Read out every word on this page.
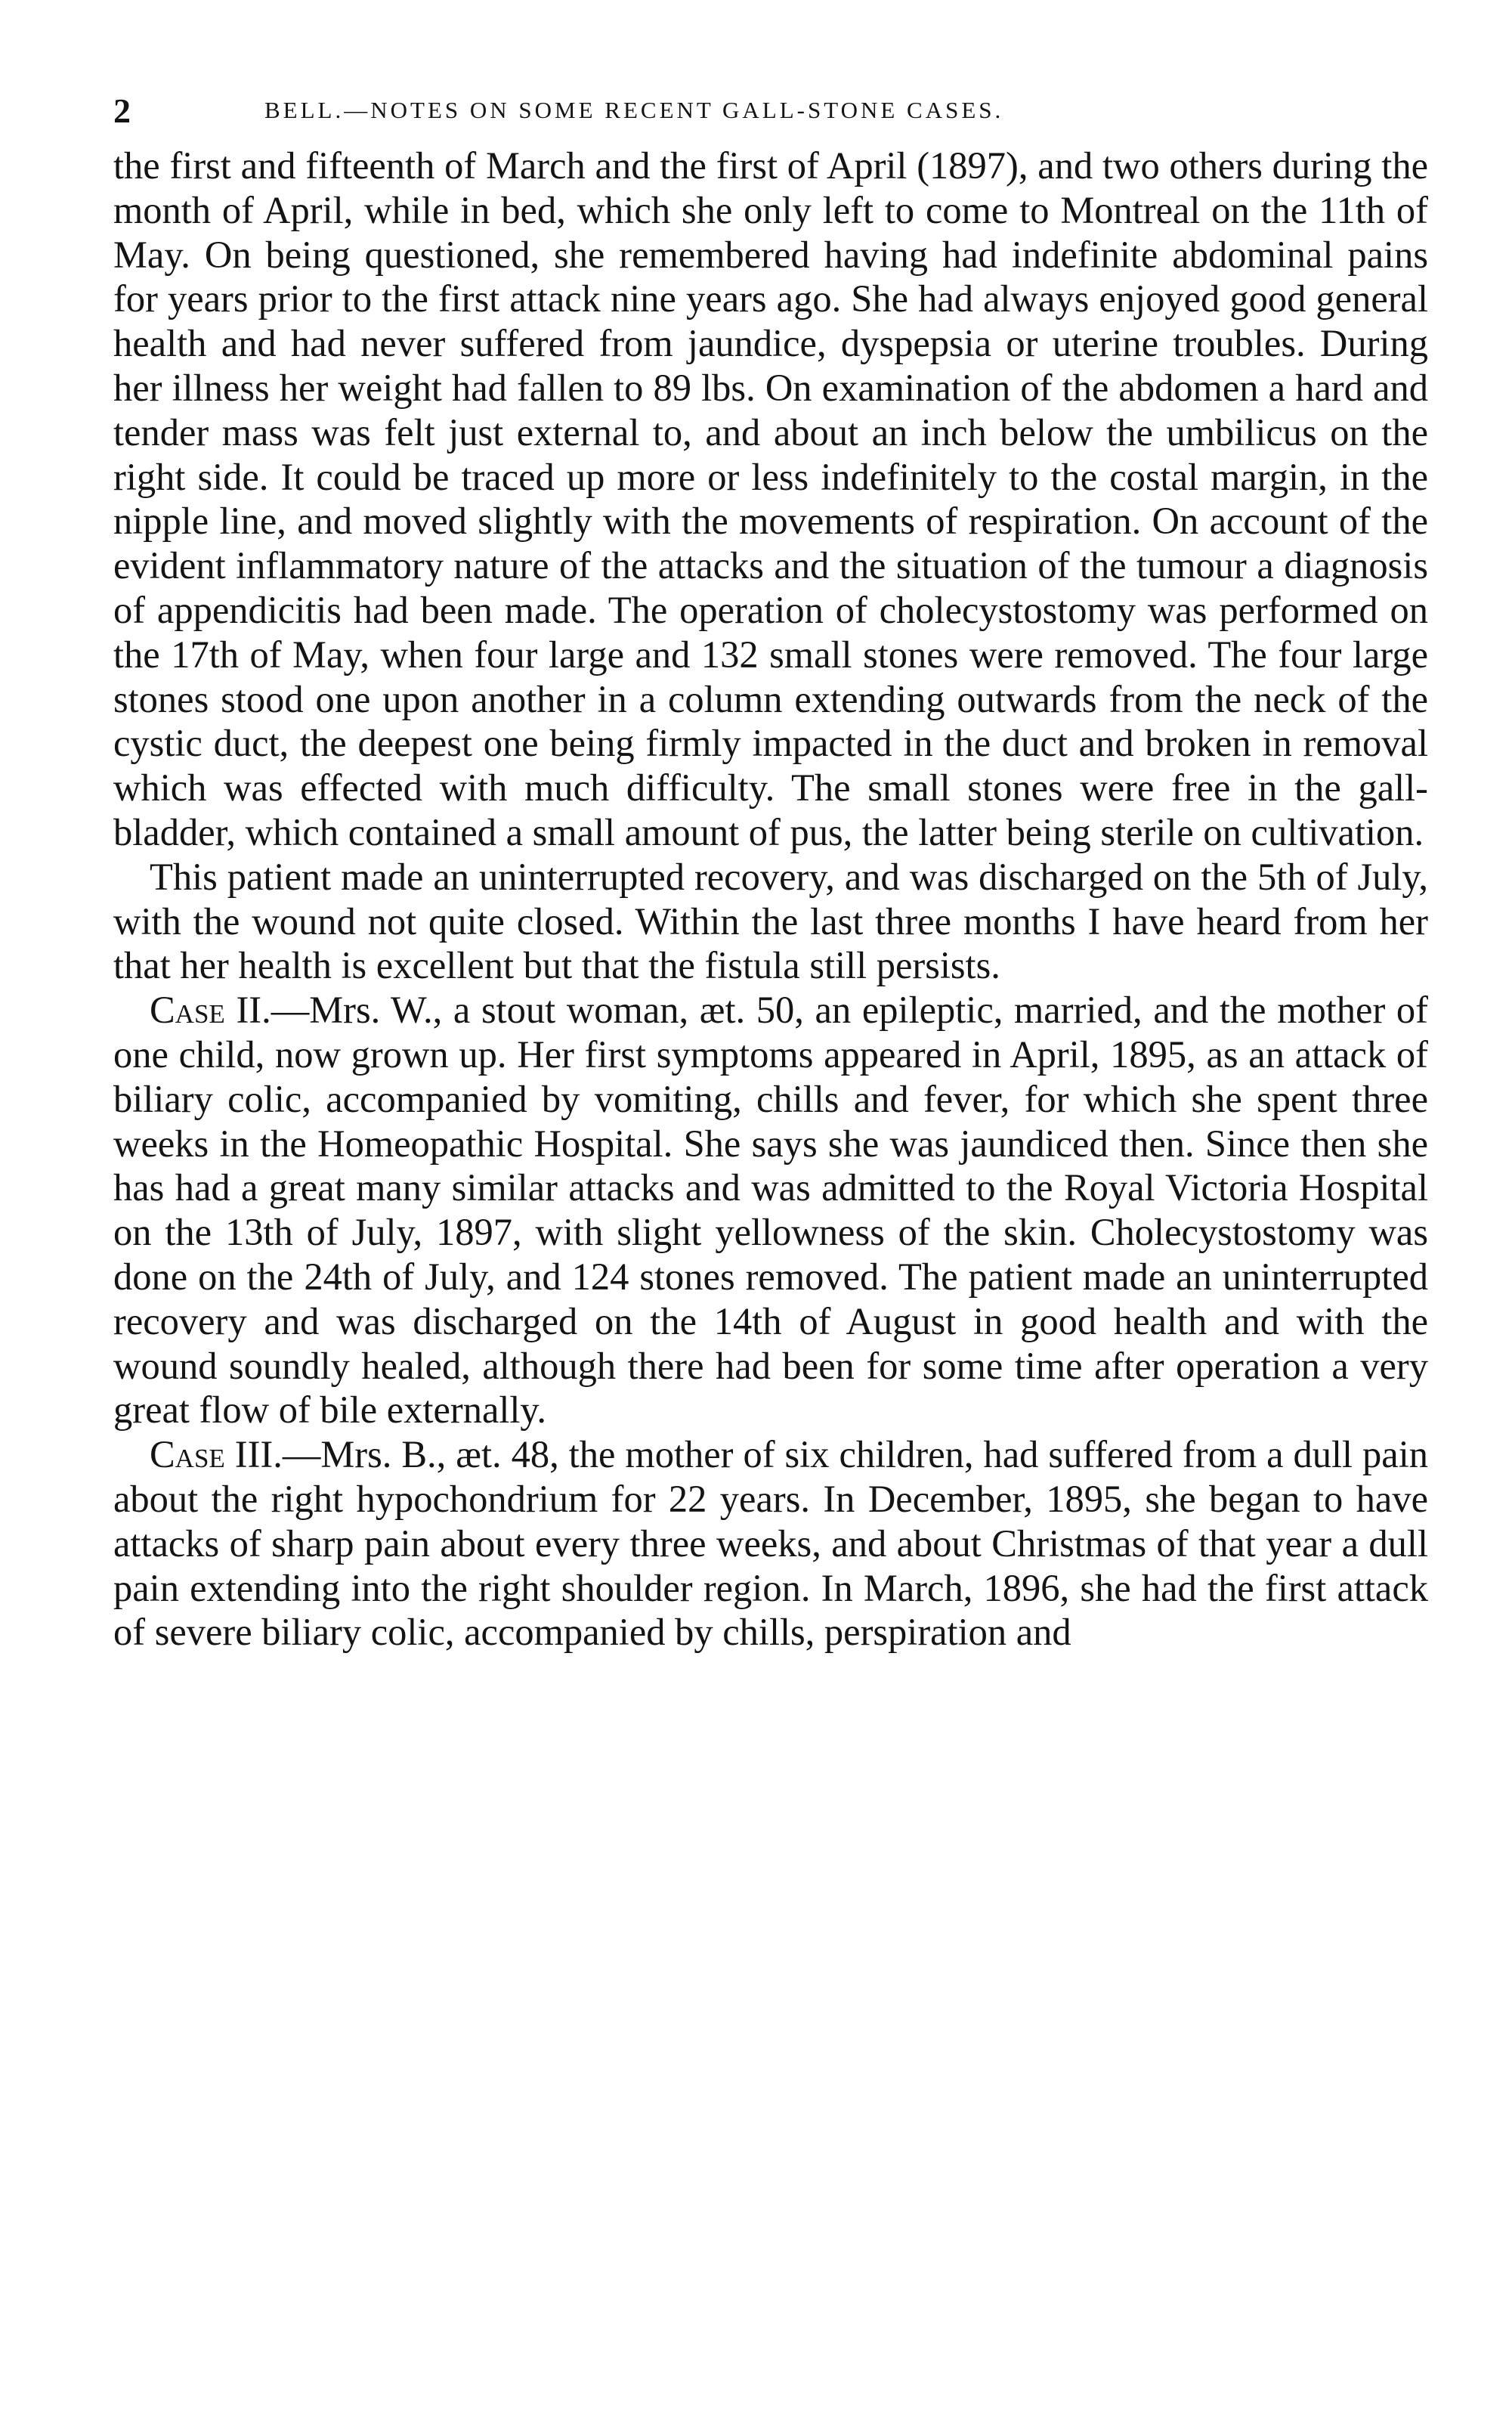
2	BELL.—NOTES ON SOME RECENT GALL-STONE CASES.

the first and fifteenth of March and the first of April (1897), and two others during the month of April, while in bed, which she only left to come to Montreal on the 11th of May. On being questioned, she remembered having had indefinite abdominal pains for years prior to the first attack nine years ago. She had always enjoyed good general health and had never suffered from jaundice, dyspepsia or uterine troubles. During her illness her weight had fallen to 89 lbs. On examination of the abdomen a hard and tender mass was felt just external to, and about an inch below the umbilicus on the right side. It could be traced up more or less indefinitely to the costal margin, in the nipple line, and moved slightly with the movements of respiration. On account of the evident inflammatory nature of the attacks and the situation of the tumour a diagnosis of appendicitis had been made. The operation of cholecystostomy was performed on the 17th of May, when four large and 132 small stones were removed. The four large stones stood one upon another in a column extending outwards from the neck of the cystic duct, the deepest one being firmly impacted in the duct and broken in removal which was effected with much difficulty. The small stones were free in the gall-bladder, which contained a small amount of pus, the latter being sterile on cultivation.

This patient made an uninterrupted recovery, and was discharged on the 5th of July, with the wound not quite closed. Within the last three months I have heard from her that her health is excellent but that the fistula still persists.

Case II.—Mrs. W., a stout woman, æt. 50, an epileptic, married, and the mother of one child, now grown up. Her first symptoms appeared in April, 1895, as an attack of biliary colic, accompanied by vomiting, chills and fever, for which she spent three weeks in the Homeopathic Hospital. She says she was jaundiced then. Since then she has had a great many similar attacks and was admitted to the Royal Victoria Hospital on the 13th of July, 1897, with slight yellowness of the skin. Cholecystostomy was done on the 24th of July, and 124 stones removed. The patient made an uninterrupted recovery and was discharged on the 14th of August in good health and with the wound soundly healed, although there had been for some time after operation a very great flow of bile externally.

Case III.—Mrs. B., æt. 48, the mother of six children, had suffered from a dull pain about the right hypochondrium for 22 years. In December, 1895, she began to have attacks of sharp pain about every three weeks, and about Christmas of that year a dull pain extending into the right shoulder region. In March, 1896, she had the first attack of severe biliary colic, accompanied by chills, perspiration and
